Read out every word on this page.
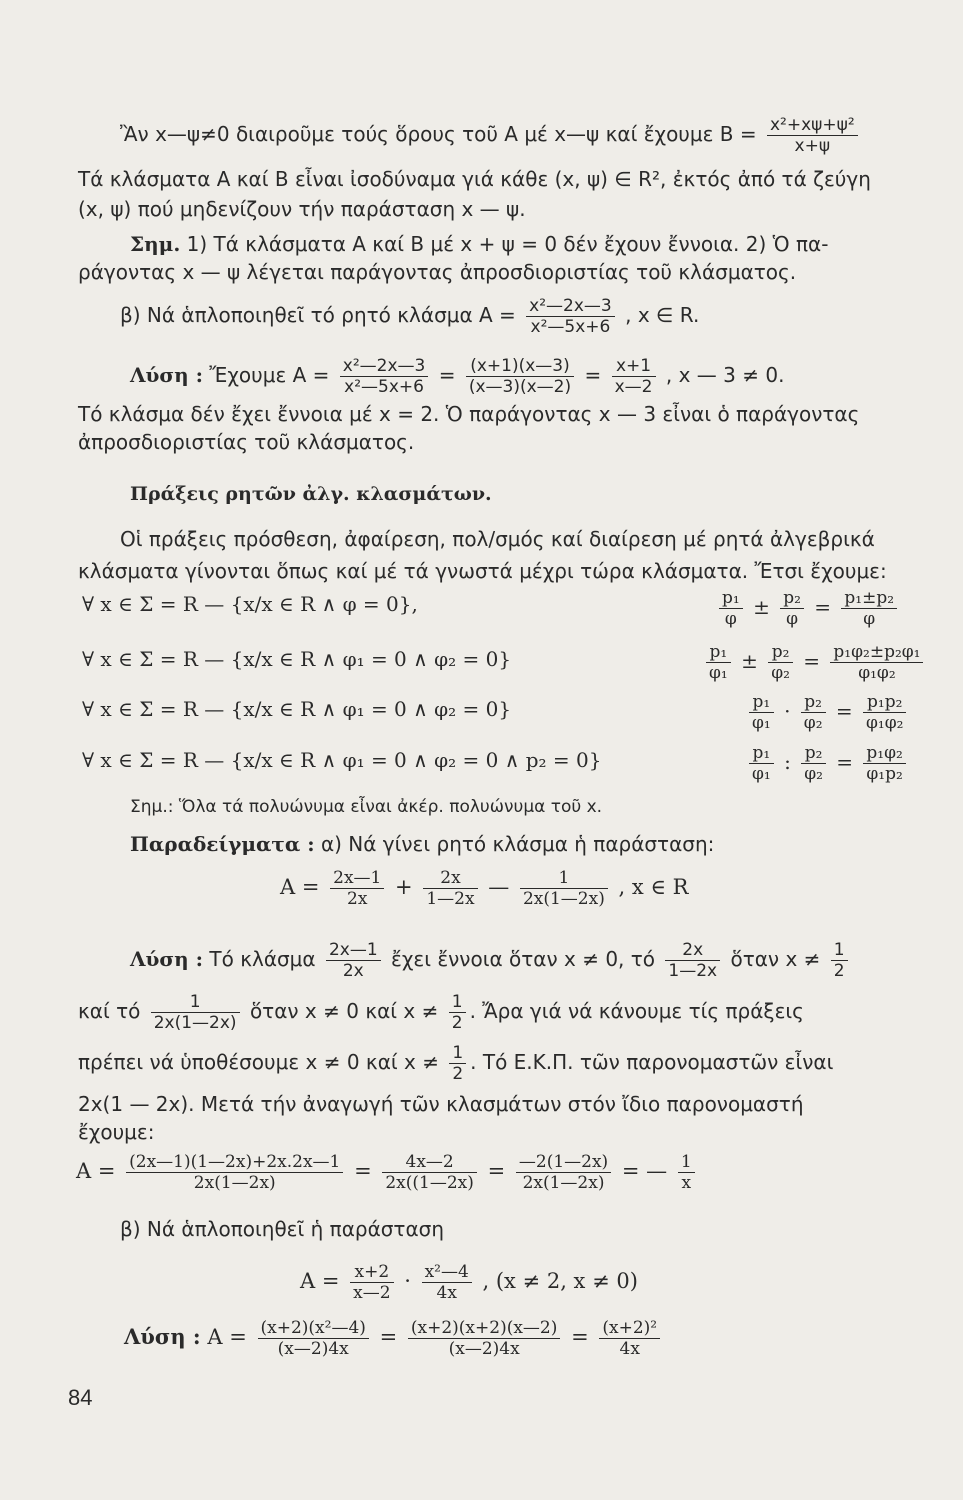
Ἂν x—ψ≠0 διαιροῦμε τούς ὅρους τοῦ A μέ x—ψ καί ἔχουμε $B = \frac{\text{x²+xψ+ψ²}}{x+\psi}$
Τά κλάσματα A καί B εἶναι ἰσοδύναμα γιά κάθε (x, ψ) ∈ R², ἐκτός ἀπό τά ζεύγη
(x, ψ) πού μηδενίζουν τήν παράσταση x — ψ.
Σημ. 1) Τά κλάσματα A καί B μέ x + ψ = 0 δέν ἔχουν ἔννοια. 2) Ὁ πα-
ράγοντας x — ψ λέγεται παράγοντας ἀπροσδιοριστίας τοῦ κλάσματος.
β) Νά ἁπλοποιηθεῖ τό ρητό κλάσμα $A = \frac{\text{x²—2x—3}}{\text{x²—5x+6}}$ , x ∈ R.
Λύση : Ἔχουμε $A = \frac{\text{x²—2x—3}}{\text{x²—5x+6}} = \frac{(x+1)(x—3)}{(x—3)(x—2)} = \frac{x+1}{x—2}$ , x — 3 ≠ 0.
Τό κλάσμα δέν ἔχει ἔννοια μέ x = 2. Ὁ παράγοντας x — 3 εἶναι ὁ παράγοντας
ἀπροσδιοριστίας τοῦ κλάσματος.
Πράξεις ρητῶν ἀλγ. κλασμάτων.
Οἱ πράξεις πρόσθεση, ἀφαίρεση, πολ/σμός καί διαίρεση μέ ρητά ἀλγεβρικά
κλάσματα γίνονται ὅπως καί μέ τά γνωστά μέχρι τώρα κλάσματα. Ἔτσι ἔχουμε:
∀ x ∈ Σ = R — {x/x ∈ R ∧ φ = 0},	$\frac{\text{p₁}}{\varphi} \pm \frac{\text{p₂}}{\varphi} = \frac{\text{p₁±p₂}}{\varphi}$
∀ x ∈ Σ = R — {x/x ∈ R ∧ φ₁ = 0 ∧ φ₂ = 0}	$\frac{\text{p₁}}{\text{φ₁}} \pm \frac{\text{p₂}}{\text{φ₂}} = \frac{\text{p₁φ₂±p₂φ₁}}{\text{φ₁φ₂}}$
∀ x ∈ Σ = R — {x/x ∈ R ∧ φ₁ = 0 ∧ φ₂ = 0}	$\frac{\text{p₁}}{\text{φ₁}} \cdot \frac{\text{p₂}}{\text{φ₂}} = \frac{\text{p₁p₂}}{\text{φ₁φ₂}}$
∀ x ∈ Σ = R — {x/x ∈ R ∧ φ₁ = 0 ∧ φ₂ = 0 ∧ p₂ = 0}	$\frac{\text{p₁}}{\text{φ₁}}$ : $\frac{\text{p₂}}{\text{φ₂}} = \frac{\text{p₁φ₂}}{\text{φ₁p₂}}$
Σημ.: Ὅλα τά πολυώνυμα εἶναι ἀκέρ. πολυώνυμα τοῦ x.
Παραδείγματα : α) Νά γίνει ρητό κλάσμα ἡ παράσταση:
$A = \frac{2x—1}{2x} + \frac{2x}{1—2x}$ — $\frac{1}{2x(1—2x)}$ , x ∈ R
Λύση : Τό κλάσμα $\frac{2x—1}{2x}$ ἔχει ἔννοια ὅταν x ≠ 0, τό $\frac{2x}{1—2x}$ ὅταν $x \ne \frac{1}{2}$
καί τό $\frac{1}{2x(1—2x)}$ ὅταν x ≠ 0 καί $x \ne \frac{1}{2}$ . Ἄρα γιά νά κάνουμε τίς πράξεις
πρέπει νά ὑποθέσουμε x ≠ 0 καί $x \ne \frac{1}{2}$ . Τό Ε.Κ.Π. τῶν παρονομαστῶν εἶναι
2x(1 — 2x). Μετά τήν ἀναγωγή τῶν κλασμάτων στόν ἴδιο παρονομαστή
ἔχουμε:
$A = \frac{(2x—1)(1—2x)+2x.2x—1}{2x(1—2x)} = \frac{4x—2}{2x((1—2x)} = \frac{—2(1—2x)}{2x(1—2x)}$ = — $\frac{1}{x}$
β) Νά ἁπλοποιηθεῖ ἡ παράσταση
$A = \frac{x+2}{x—2} \cdot \frac{\text{x²—4}}{4x}$ , (x ≠ 2, x ≠ 0)
Λύση : $A = \frac{\text{(x+2)(x²—4)}}{(x—2)4x} = \frac{(x+2)(x+2)(x—2)}{(x—2)4x} = \frac{\text{(x+2)²}}{4x}$
84
